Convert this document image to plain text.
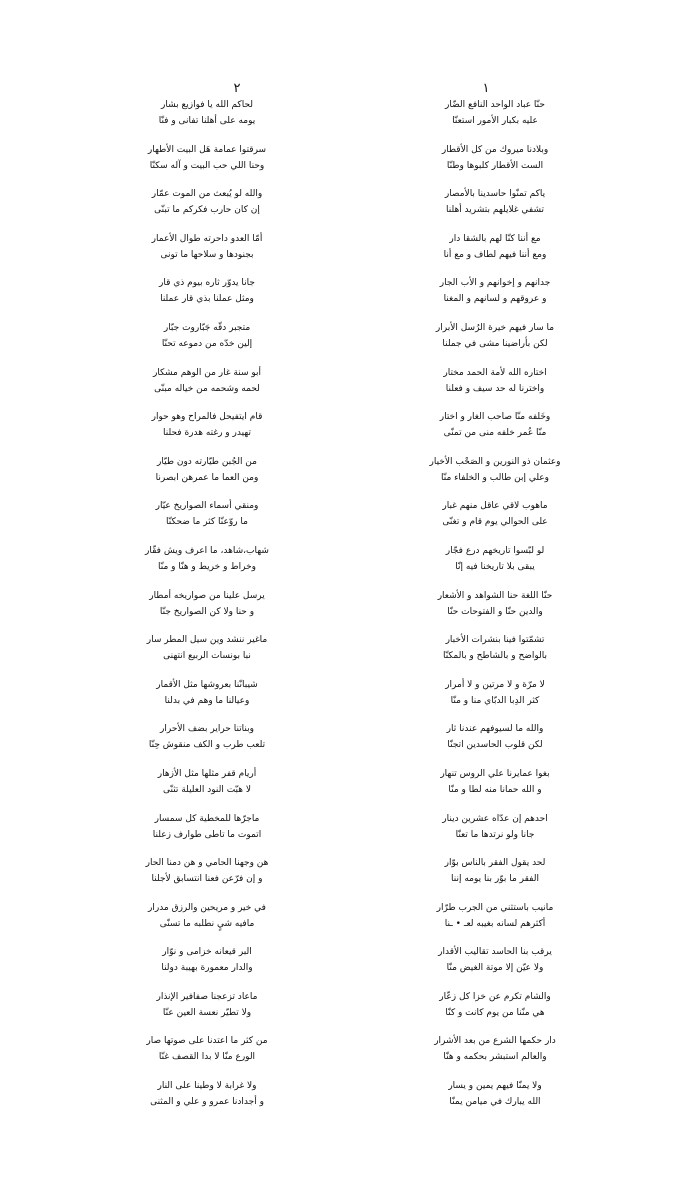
١
حنّا عباد الواحد النافع الضّار
عليه بكبار الأمور استعنّا
وبلادنا ميروك من كل الأقطار
الست الأقطار كلبوها وطنّا
ياكم تمنّوا حاسدينا بالأمصار
تشفي غلايلهم بتشريد أهلنا
مع أننا كنّا لهم بالشقا دار
ومع أننا فيهم لطاف و مع أنا
جدانهم و إخوانهم و الأب الجار
و عروقهم و لسانهم و المغنا
ما سار فيهم خيرة الرُسل الأبرار
لكن بأراضينا مشى في جملنا
اختاره الله لأمة الحمد مختار
واخترنا له حد سيف و فعلنا
وخَلفه منّا صاحب الغار و اختار
منّا عُمر خلفه منى من تمنّى
وعثمان ذو النورين و الصَحْب الأخيار
وعلي إبن طالب و الخلفاء منّا
ماهوب لاقي عاقل منهم غبار
على الحوالي يوم قام و تغنّى
لو لبّسوا تاريخهم درع فجّار
يبقى بلا تاريخنا فيه إنّا
حنّا اللغة حنا الشواهد و الأشعار
والدين حنّا و الفتوحات حنّا
تشمّتوا فينا بنشرات الأخبار
بالواضح و بالشاطح و بالمكنّا
لا مرّة و لا مرتين و لا أمرار
كثر الدِبا الدبّاي منا و منّا
والله ما لسيوفهم عندنا ثار
لكن قلوب الحاسدين اتجنّا
بغوا عمايرنا علي الروس تنهار
و الله حمانا منه لطا و منّا
احدهم إن عدّاه عشرين دينار
جانا ولو نرتدها ما تعنّا
لحد يقول الفقر بالناس بوّار
الفقر ما بوّر بنا يومه إننا
مانيب باستثني من الجرب طرّار
أكثرهم لسانه بغيبه لعـ • ـنا
يرقب بنا الحاسد تقاليب الأقدار
ولا عيّن إلا موتة الغيض منّا
والشام تكرم عن خزا كل زعّار
هي منّنا من يوم كانت و كنّا
دار حكمها الشرع من بعد الأشرار
والعالم استبشر بحكمه و هنّا
ولا يمنّا فيهم يمين و يسار
الله يبارك في ميامن يمنّا
٢
لحاكم الله يا فوازيع بشار
يومه على أهلنا تفانى و فنّا
سرقتوا عمامة هَل البيت الأطهار
وحنا اللي حب البيت و آله سكنّا
والله لو يُبعث من الموت عمّار
إن كان حارب فكركم ما تبنّى
أمّا العدو داحرته طوال الأعمار
بجنودها و سلاحها ما تونى
جانا يدوّر ثاره بيوم ذي قار
ومثل عملنا بذي قار عملنا
متجبر دقّه جَبّاروت جبّار
إلين خدّه من دموعه تحنّا
أبو سنة غار من الوهم مشكار
لحمه وشحمه من خياله مبنّى
قام ايتفيحل فالمراح وهو حوار
تهيدر و رغته هدرة فحلنا
من الجُبن طيّارته دون طيّار
ومن العما ما عمرهن ابصرنا
ومنقي أسماء الصواريخ عيّار
ما روّعنّا كثر ما ضحكنّا
شهاب،شاهد، ما اعرف ويش فقّار
وخراط و خريط و هنّا و منّا
يرسل علينا من صواريخه أمطار
و حنا ولا كن الصواريخ جنّا
ماغير ننشد وين سيل المطر سار
نبا بونسات الربيع انتهنى
شيبانّنا بعروشها مثل الأقمار
وعيالنا ما وهم في بدلنا
وبناتنا حراير بضف الأحرار
تلعب طرب و الكف منقوش حِنّا
أريام قفر مثلها مثل الأزهار
لا هبّت النود العليلة تثنّى
ماجرّها للمخطية كل سمسار
اتموت ما تاطى طوارف زعلنا
هن وجهنا الحامي و هن دمنا الحار
و إن فرّعن فعنا انتسابق لأجلنا
في خير و مريحين والرزق مدرار
مافيه شيٍ نطلبه ما تسنّى
البر قيعانه خزامى و نوّار
والدار معمورة بهيبة دولنا
ماعاد تزعجنا صفافير الإنذار
ولا تطيّر نعسة العين عنّا
من كثر ما اعتدنا على صوتها صار
الورع منّا لا بدا القصف غنّا
ولا غرابة لا وطينا على النار
و أجدادنا عمرو و علي و المثنى
